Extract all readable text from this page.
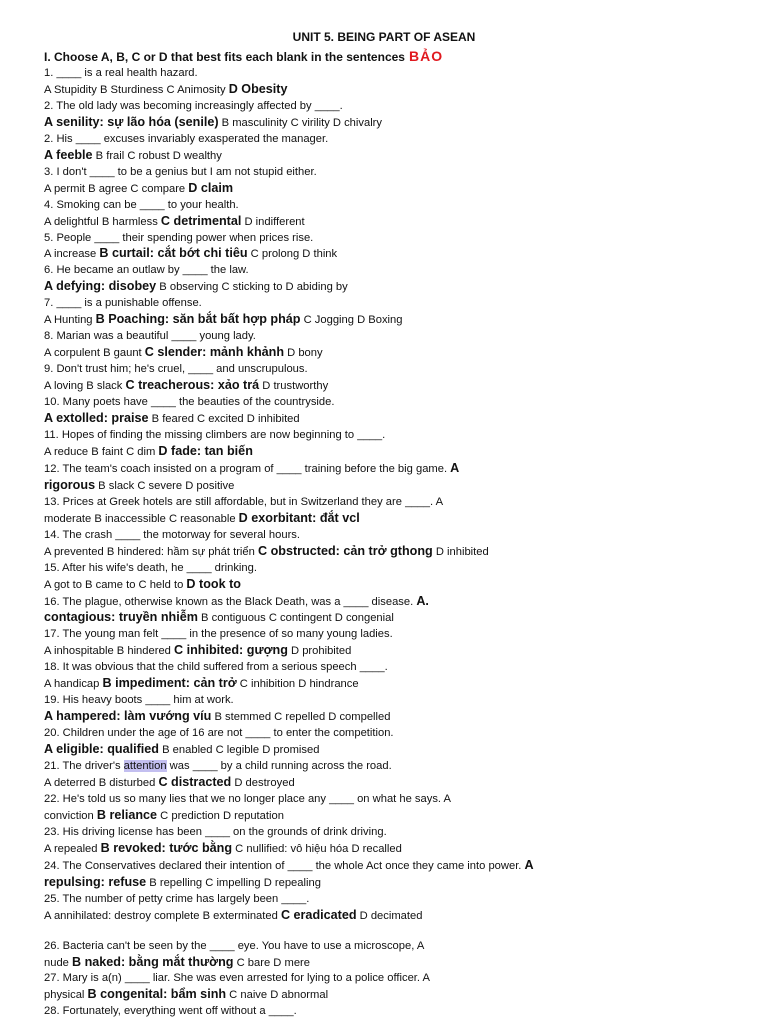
UNIT 5. BEING PART OF ASEAN
I. Choose A, B, C or D that best fits each blank in the sentences BẢO
1. ____ is a real health hazard.
A Stupidity B Sturdiness C Animosity D Obesity
2. The old lady was becoming increasingly affected by ____.
A senility: sự lão hóa (senile) B masculinity C virility D chivalry
2. His ____ excuses invariably exasperated the manager.
A feeble B frail C robust D wealthy
3. I don't ____ to be a genius but I am not stupid either.
A permit B agree C compare D claim
4. Smoking can be ____ to your health.
A delightful B harmless C detrimental D indifferent
5. People ____ their spending power when prices rise.
A increase B curtail: cắt bớt chi tiêu C prolong D think
6. He became an outlaw by ____ the law.
A defying: disobey B observing C sticking to D abiding by
7. ____ is a punishable offense.
A Hunting B Poaching: săn bắt bất hợp pháp C Jogging D Boxing
8. Marian was a beautiful ____ young lady.
A corpulent B gaunt C slender: mảnh khảnh D bony
9. Don't trust him; he's cruel, ____ and unscrupulous.
A loving B slack C treacherous: xảo trá D trustworthy
10. Many poets have ____ the beauties of the countryside.
A extolled: praise B feared C excited D inhibited
11. Hopes of finding the missing climbers are now beginning to ____.
A reduce B faint C dim D fade: tan biến
12. The team's coach insisted on a program of ____ training before the big game. A
rigorous B slack C severe D positive
13. Prices at Greek hotels are still affordable, but in Switzerland they are ____. A
moderate B inaccessible C reasonable D exorbitant: đắt vcl
14. The crash ____ the motorway for several hours.
A prevented B hindered: hầm sự phát triển C obstructed: cản trở gthong D inhibited
15. After his wife's death, he ____ drinking.
A got to B came to C held to D took to
16. The plague, otherwise known as the Black Death, was a ____ disease. A.
contagious: truyền nhiễm B contiguous C contingent D congenial
17. The young man felt ____ in the presence of so many young ladies.
A inhospitable B hindered C inhibited: gượng D prohibited
18. It was obvious that the child suffered from a serious speech ____.
A handicap B impediment: cản trở C inhibition D hindrance
19. His heavy boots ____ him at work.
A hampered: làm vướng víu B stemmed C repelled D compelled
20. Children under the age of 16 are not ____ to enter the competition.
A eligible: qualified B enabled C legible D promised
21. The driver's attention was ____ by a child running across the road.
A deterred B disturbed C distracted D destroyed
22. He's told us so many lies that we no longer place any ____ on what he says. A
conviction B reliance C prediction D reputation
23. His driving license has been ____ on the grounds of drink driving.
A repealed B revoked: tước bằng C nullified: vô hiệu hóa D recalled
24. The Conservatives declared their intention of ____ the whole Act once they came into power. A
repulsing: refuse B repelling C impelling D repealing
25. The number of petty crime has largely been ____.
A annihilated: destroy complete B exterminated C eradicated D decimated
26. Bacteria can't be seen by the ____ eye. You have to use a microscope, A
nude B naked: bằng mắt thường C bare D mere
27. Mary is a(n) ____ liar. She was even arrested for lying to a police officer. A
physical B congenital: bẩm sinh C naive D abnormal
28. Fortunately, everything went off without a ____.
